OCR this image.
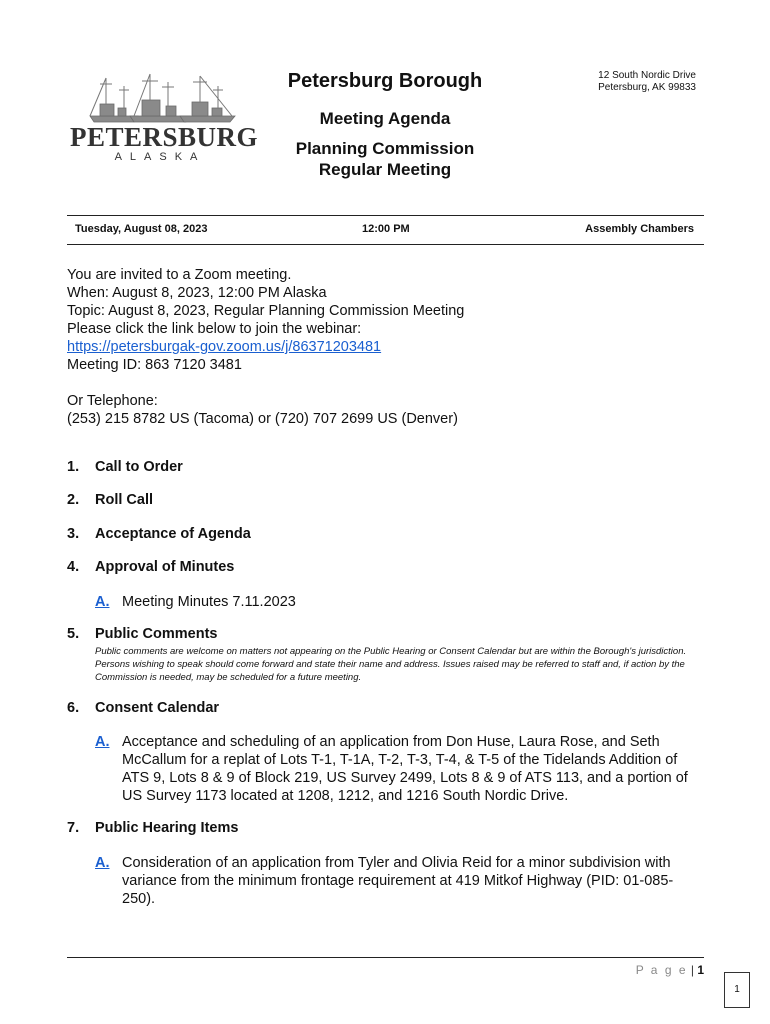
PETERSBURG
ALASKA
Petersburg Borough	12 South Nordic Drive
Petersburg, AK 99833
Meeting Agenda
Planning Commission
Regular Meeting
Tuesday, August 08, 2023	12:00 PM	Assembly Chambers
You are invited to a Zoom meeting.
When: August 8, 2023, 12:00 PM Alaska
Topic: August 8, 2023, Regular Planning Commission Meeting
Please click the link below to join the webinar:
https://petersburgak-gov.zoom.us/j/86371203481
Meeting ID: 863 7120 3481
Or Telephone:
(253) 215 8782 US (Tacoma) or (720) 707 2699 US (Denver)
1. Call to Order
2. Roll Call
3. Acceptance of Agenda
4. Approval of Minutes
A. Meeting Minutes 7.11.2023
5. Public Comments
Public comments are welcome on matters not appearing on the Public Hearing or Consent Calendar but are within the Borough's jurisdiction. Persons wishing to speak should come forward and state their name and address. Issues raised may be referred to staff and, if action by the Commission is needed, may be scheduled for a future meeting.
6. Consent Calendar
A. Acceptance and scheduling of an application from Don Huse, Laura Rose, and Seth McCallum for a replat of Lots T-1, T-1A, T-2, T-3, T-4, & T-5 of the Tidelands Addition of ATS 9, Lots 8 & 9 of Block 219, US Survey 2499, Lots 8 & 9 of ATS 113, and a portion of US Survey 1173 located at 1208, 1212, and 1216 South Nordic Drive.
7. Public Hearing Items
A. Consideration of an application from Tyler and Olivia Reid for a minor subdivision with variance from the minimum frontage requirement at 419 Mitkof Highway (PID: 01-085-250).
P a g e | 1
1
